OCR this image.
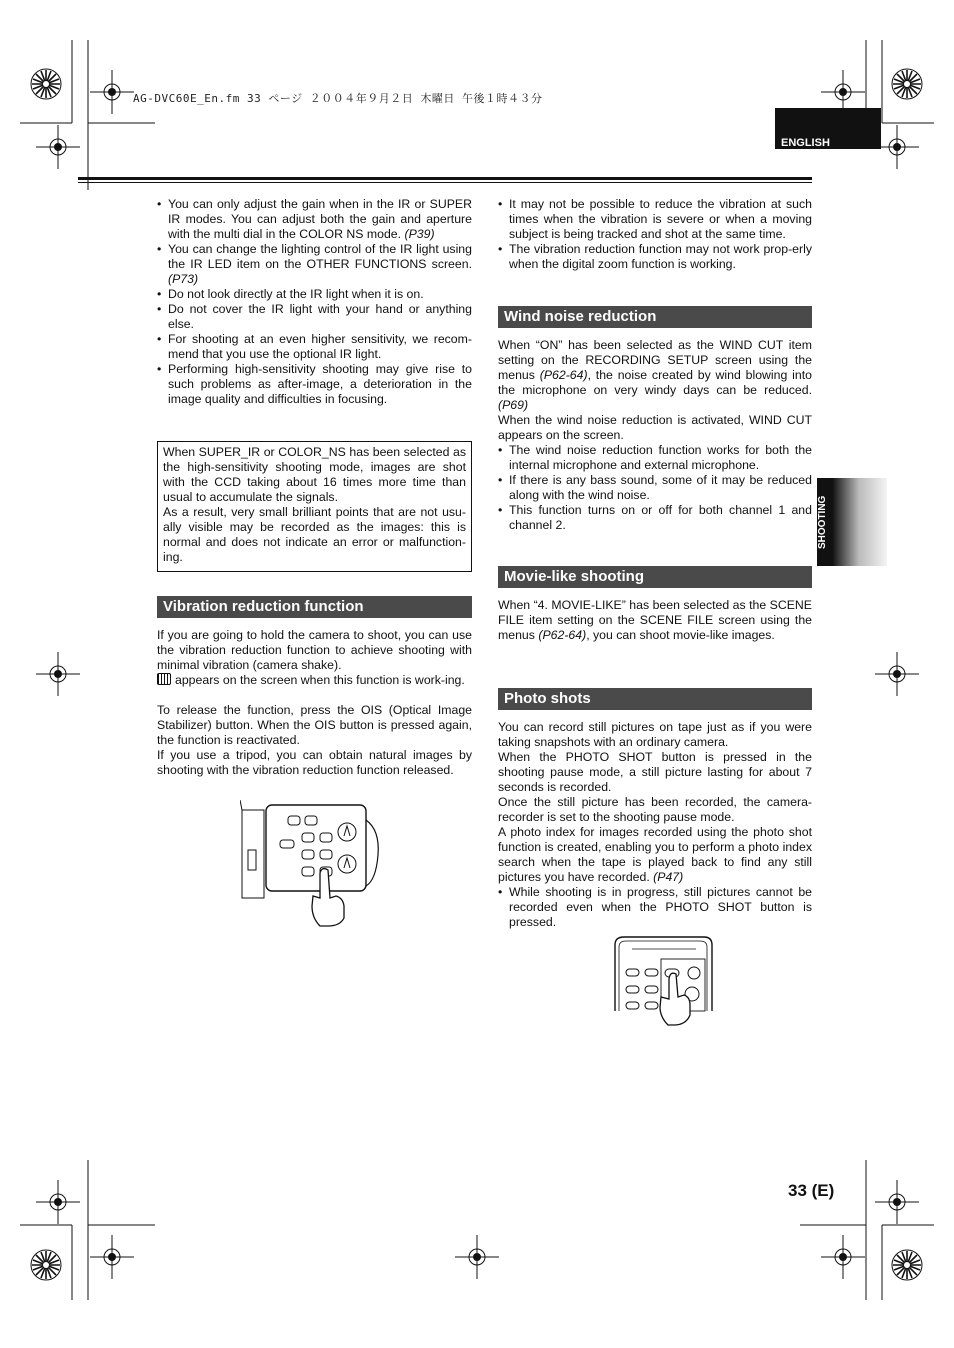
AG-DVC60E_En.fm 33 ページ ２００４年９月２日 木曜日 午後１時４３分
ENGLISH
SHOOTING

• You can only adjust the gain when in the IR or SUPER IR modes. You can adjust both the gain and aperture with the multi dial in the COLOR NS mode. (P39)

• You can change the lighting control of the IR light using the IR LED item on the OTHER FUNCTIONS screen. (P73)

• Do not look directly at the IR light when it is on.

• Do not cover the IR light with your hand or anything else.

• For shooting at an even higher sensitivity, we recom-mend that you use the optional IR light.

• Performing high-sensitivity shooting may give rise to such problems as after-image, a deterioration in the image quality and difficulties in focusing.

When SUPER_IR or COLOR_NS has been selected as the high-sensitivity shooting mode, images are shot with the CCD taking about 16 times more time than usual to accumulate the signals.

As a result, very small brilliant points that are not usu-ally visible may be recorded as the images: this is normal and does not indicate an error or malfunction-ing.

Vibration reduction function

If you are going to hold the camera to shoot, you can use the vibration reduction function to achieve shooting with minimal vibration (camera shake).

appears on the screen when this function is work-ing.

To release the function, press the OIS (Optical Image Stabilizer) button. When the OIS button is pressed again, the function is reactivated.

If you use a tripod, you can obtain natural images by shooting with the vibration reduction function released.

• It may not be possible to reduce the vibration at such times when the vibration is severe or when a moving subject is being tracked and shot at the same time.

• The vibration reduction function may not work prop-erly when the digital zoom function is working.

Wind noise reduction

When “ON” has been selected as the WIND CUT item setting on the RECORDING SETUP screen using the menus (P62-64), the noise created by wind blowing into the microphone on very windy days can be reduced. (P69)

When the wind noise reduction is activated, WIND CUT appears on the screen.

• The wind noise reduction function works for both the internal microphone and external microphone.

• If there is any bass sound, some of it may be reduced along with the wind noise.

• This function turns on or off for both channel 1 and channel 2.

Movie-like shooting

When “4. MOVIE-LIKE” has been selected as the SCENE FILE item setting on the SCENE FILE screen using the menus (P62-64), you can shoot movie-like images.

Photo shots

You can record still pictures on tape just as if you were taking snapshots with an ordinary camera.

When the PHOTO SHOT button is pressed in the shooting pause mode, a still picture lasting for about 7 seconds is recorded.

Once the still picture has been recorded, the camera-recorder is set to the shooting pause mode.

A photo index for images recorded using the photo shot function is created, enabling you to perform a photo index search when the tape is played back to find any still pictures you have recorded. (P47)

• While shooting is in progress, still pictures cannot be recorded even when the PHOTO SHOT button is pressed.

33 (E)
